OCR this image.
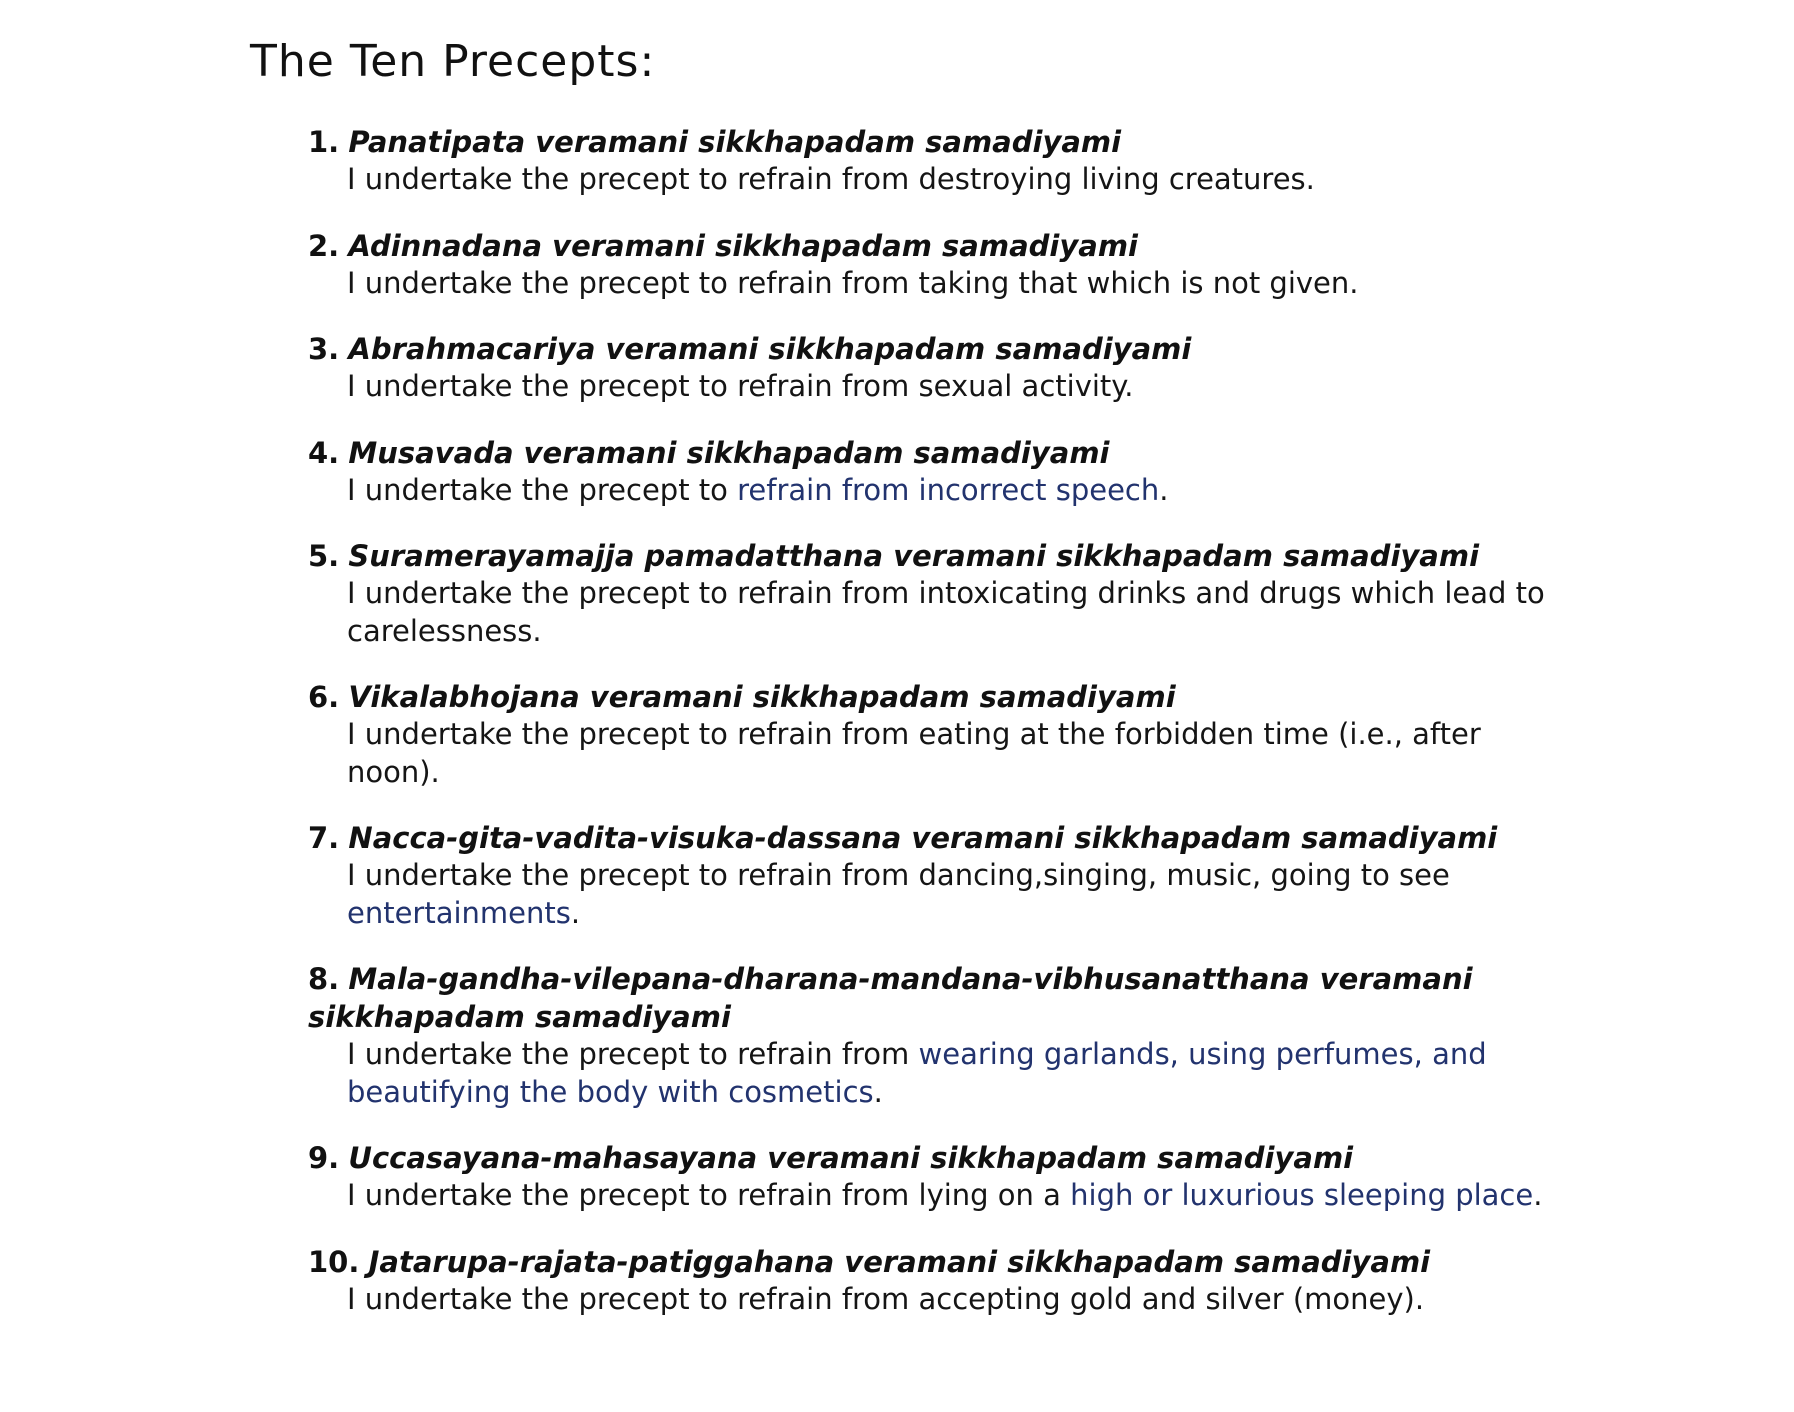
The Ten Precepts:
1. Panatipata veramani sikkhapadam samadiyami
I undertake the precept to refrain from destroying living creatures.
2. Adinnadana veramani sikkhapadam samadiyami
I undertake the precept to refrain from taking that which is not given.
3. Abrahmacariya veramani sikkhapadam samadiyami
I undertake the precept to refrain from sexual activity.
4. Musavada veramani sikkhapadam samadiyami
I undertake the precept to refrain from incorrect speech.
5. Suramerayamajja pamadatthana veramani sikkhapadam samadiyami
I undertake the precept to refrain from intoxicating drinks and drugs which lead to carelessness.
6. Vikalabhojana veramani sikkhapadam samadiyami
I undertake the precept to refrain from eating at the forbidden time (i.e., after noon).
7. Nacca-gita-vadita-visuka-dassana veramani sikkhapadam samadiyami
I undertake the precept to refrain from dancing,singing, music, going to see entertainments.
8. Mala-gandha-vilepana-dharana-mandana-vibhusanatthana veramani sikkhapadam samadiyami
I undertake the precept to refrain from wearing garlands, using perfumes, and beautifying the body with cosmetics.
9. Uccasayana-mahasayana veramani sikkhapadam samadiyami
I undertake the precept to refrain from lying on a high or luxurious sleeping place.
10. Jatarupa-rajata-patiggahana veramani sikkhapadam samadiyami
I undertake the precept to refrain from accepting gold and silver (money).
